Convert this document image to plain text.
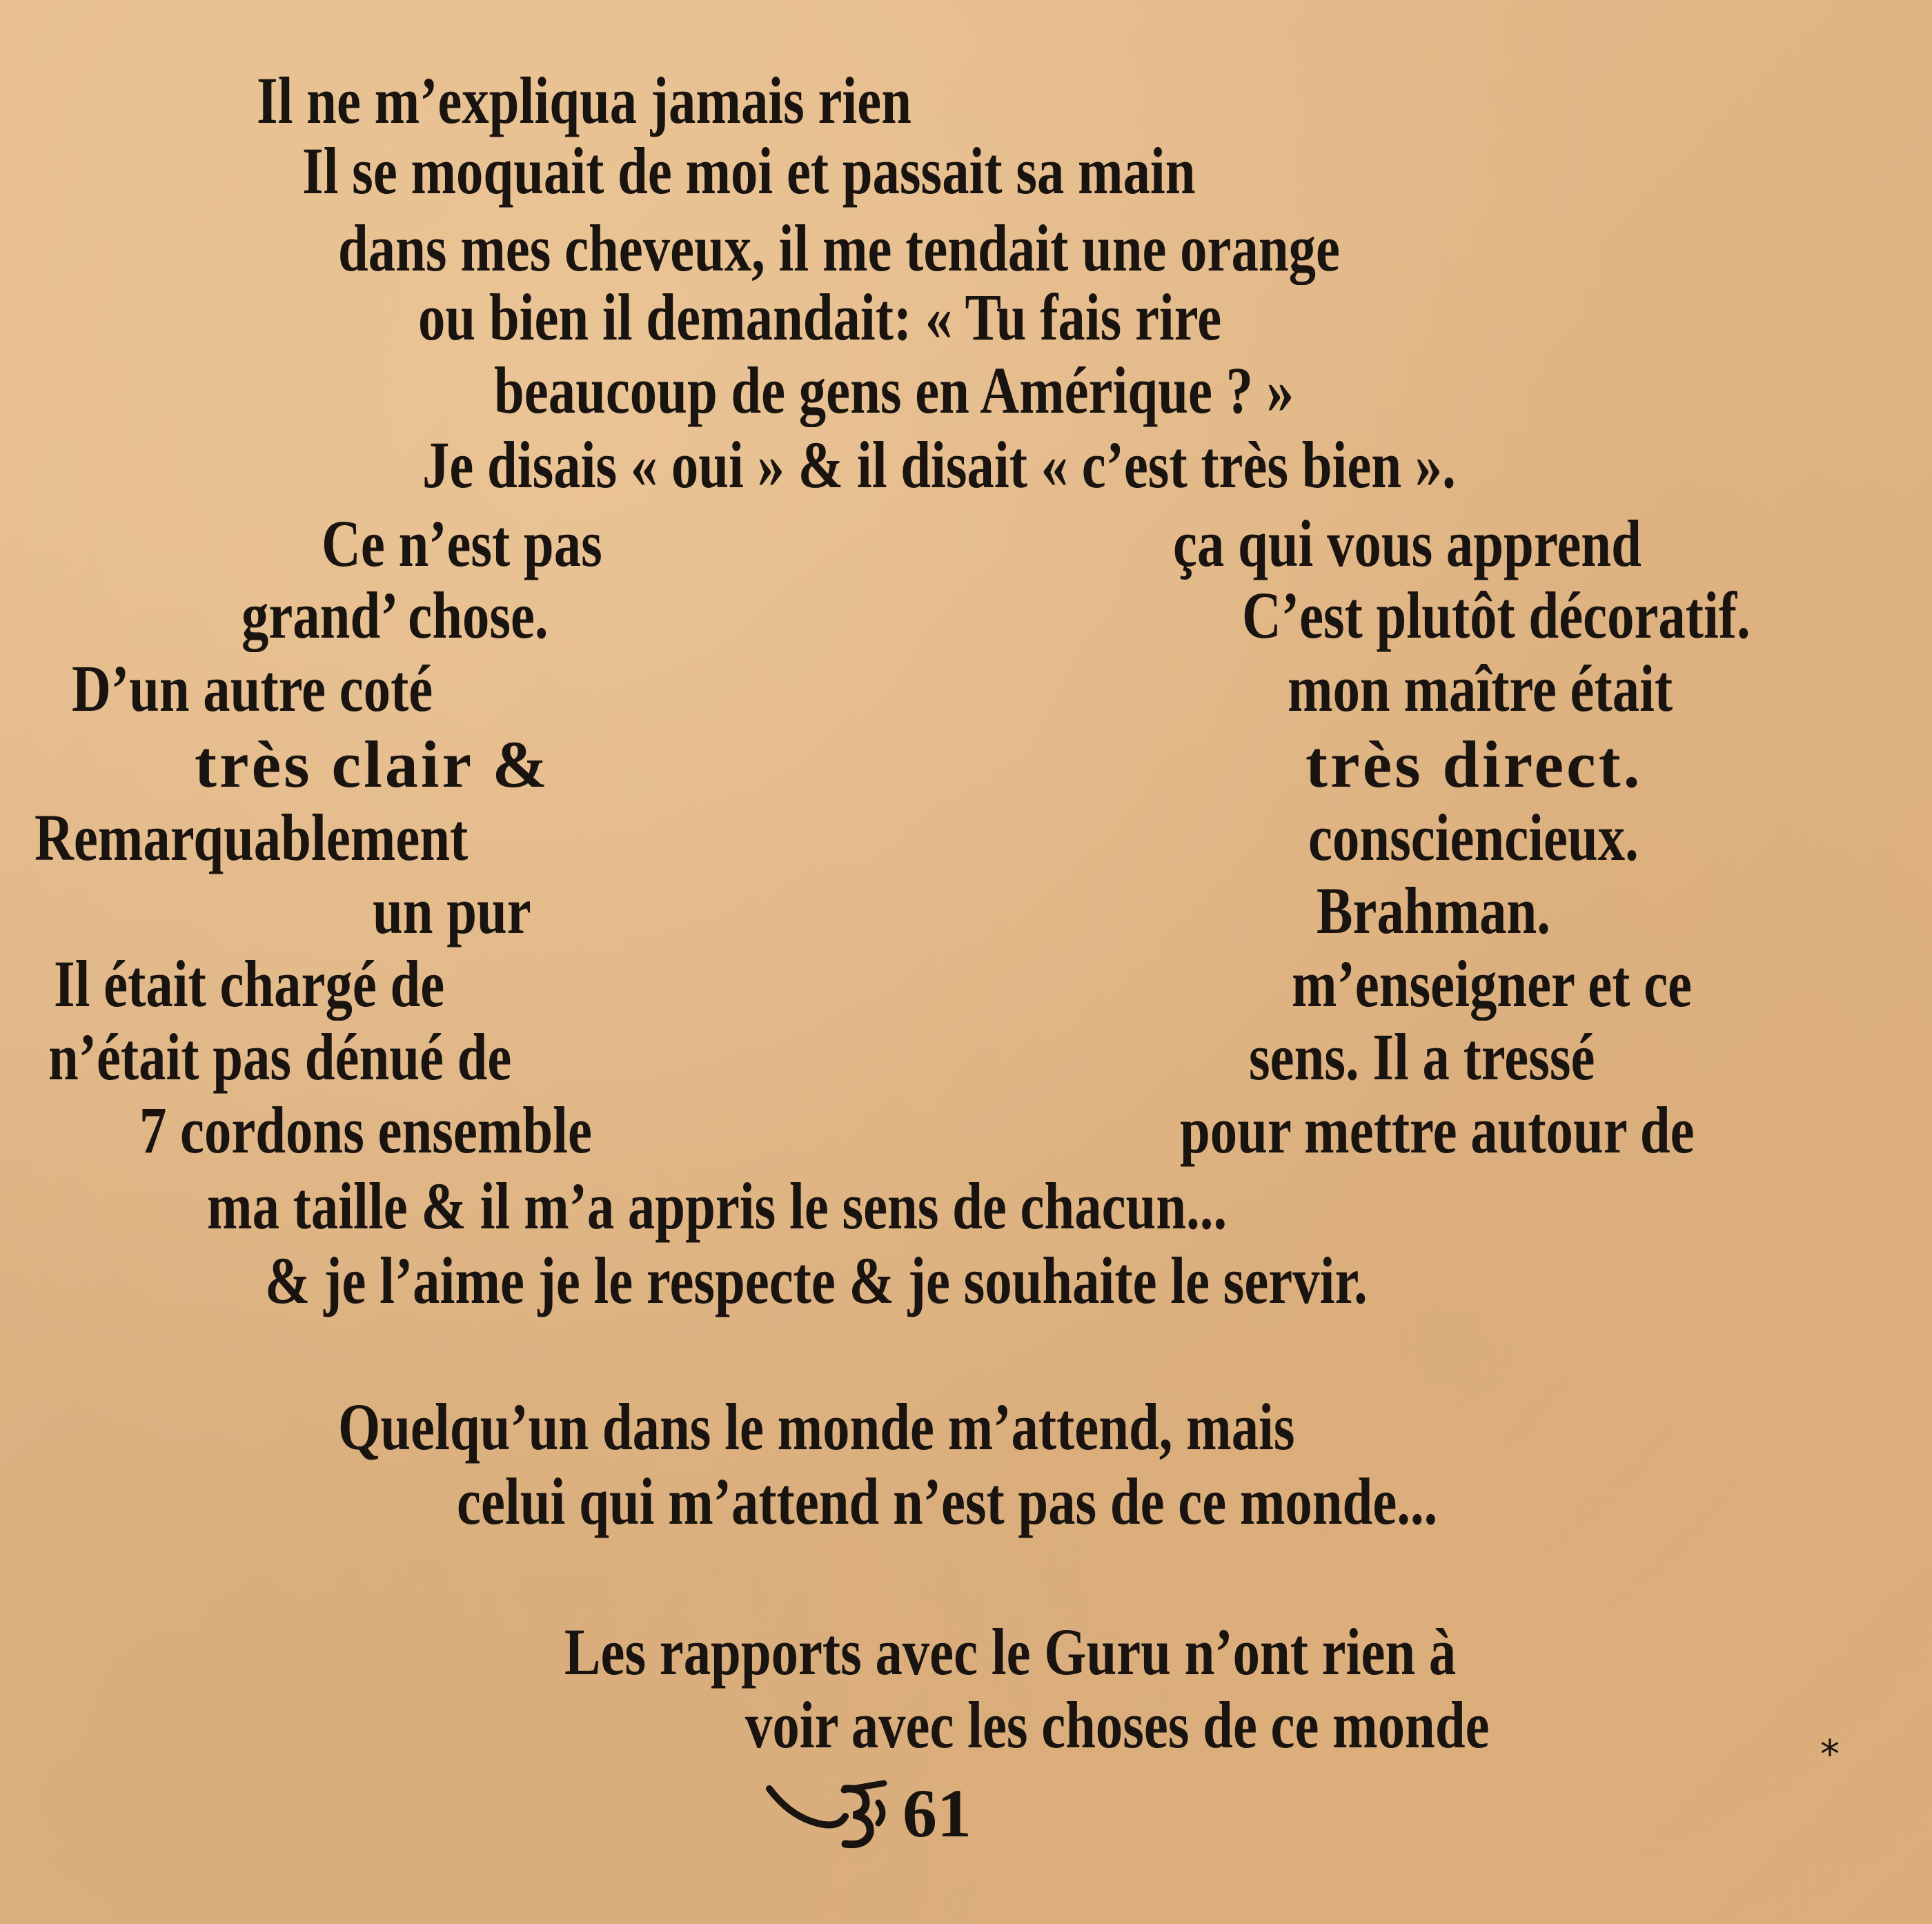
Il ne m’expliqua jamais rien
Il se moquait de moi et passait sa main
dans mes cheveux, il me tendait une orange
ou bien il demandait: « Tu fais rire
beaucoup de gens en Amérique ? »
Je disais « oui » & il disait « c’est très bien ».
Ce n’est pas	ça qui vous apprend
grand’ chose.	C’est plutôt décoratif.
D’un autre coté	mon maître était
très clair &	très direct.
Remarquablement	consciencieux.
un pur	Brahman.
Il était chargé de	m’enseigner et ce
n’était pas dénué de	sens. Il a tressé
7 cordons ensemble	pour mettre autour de
ma taille & il m’a appris le sens de chacun...
& je l’aime je le respecte & je souhaite le servir.
Quelqu’un dans le monde m’attend, mais
celui qui m’attend n’est pas de ce monde...
Les rapports avec le Guru n’ont rien à
voir avec les choses de ce monde	*
61
